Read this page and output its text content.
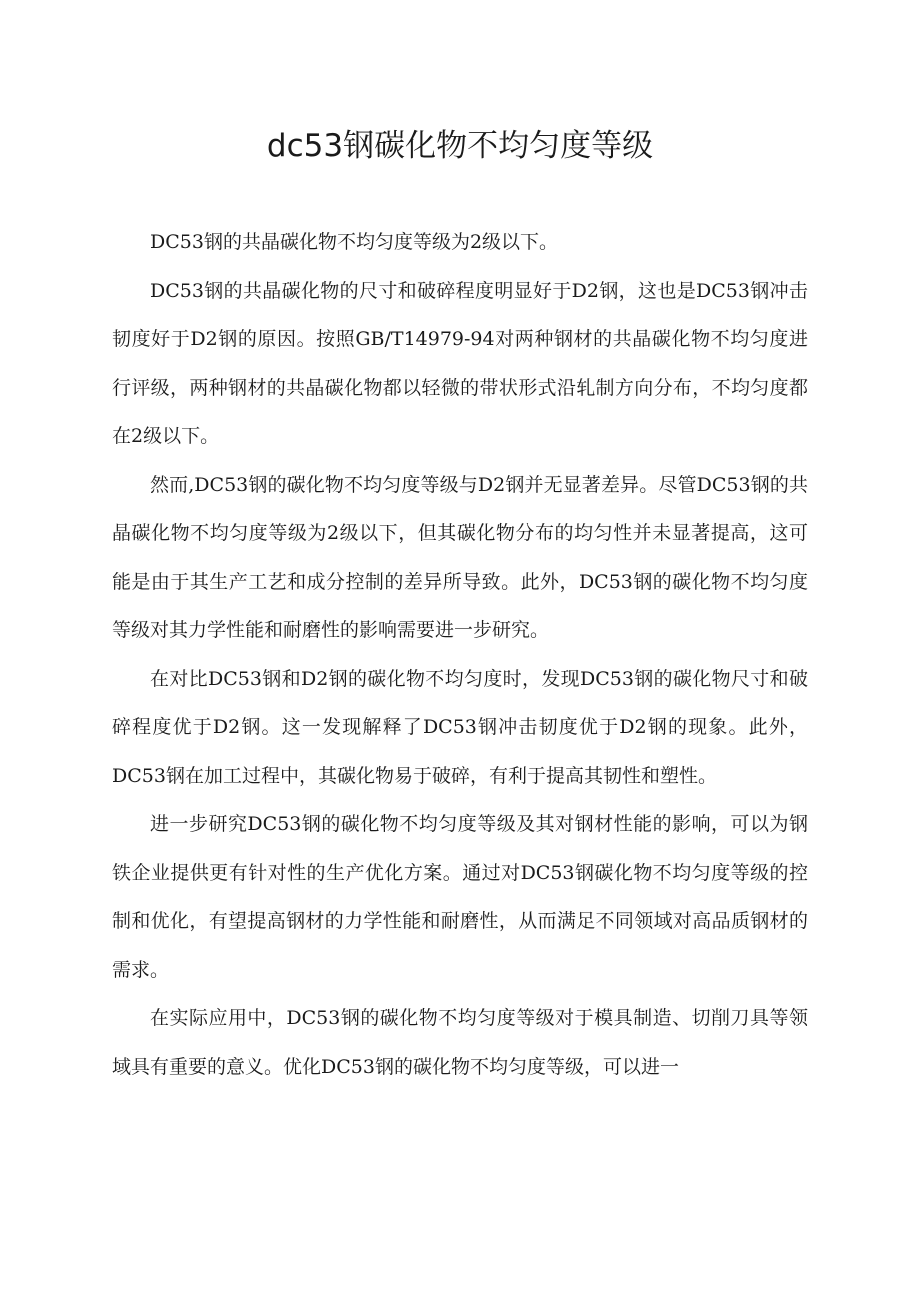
dc53钢碳化物不均匀度等级

DC53钢的共晶碳化物不均匀度等级为2级以下。

DC53钢的共晶碳化物的尺寸和破碎程度明显好于D2钢，这也是DC53钢冲击韧度好于D2钢的原因。按照GB/T14979-94对两种钢材的共晶碳化物不均匀度进行评级，两种钢材的共晶碳化物都以轻微的带状形式沿轧制方向分布，不均匀度都在2级以下。

然而,DC53钢的碳化物不均匀度等级与D2钢并无显著差异。尽管DC53钢的共晶碳化物不均匀度等级为2级以下，但其碳化物分布的均匀性并未显著提高，这可能是由于其生产工艺和成分控制的差异所导致。此外，DC53钢的碳化物不均匀度等级对其力学性能和耐磨性的影响需要进一步研究。

在对比DC53钢和D2钢的碳化物不均匀度时，发现DC53钢的碳化物尺寸和破碎程度优于D2钢。这一发现解释了DC53钢冲击韧度优于D2钢的现象。此外，DC53钢在加工过程中，其碳化物易于破碎，有利于提高其韧性和塑性。

进一步研究DC53钢的碳化物不均匀度等级及其对钢材性能的影响，可以为钢铁企业提供更有针对性的生产优化方案。通过对DC53钢碳化物不均匀度等级的控制和优化，有望提高钢材的力学性能和耐磨性，从而满足不同领域对高品质钢材的需求。

在实际应用中，DC53钢的碳化物不均匀度等级对于模具制造、切削刀具等领域具有重要的意义。优化DC53钢的碳化物不均匀度等级，可以进一
